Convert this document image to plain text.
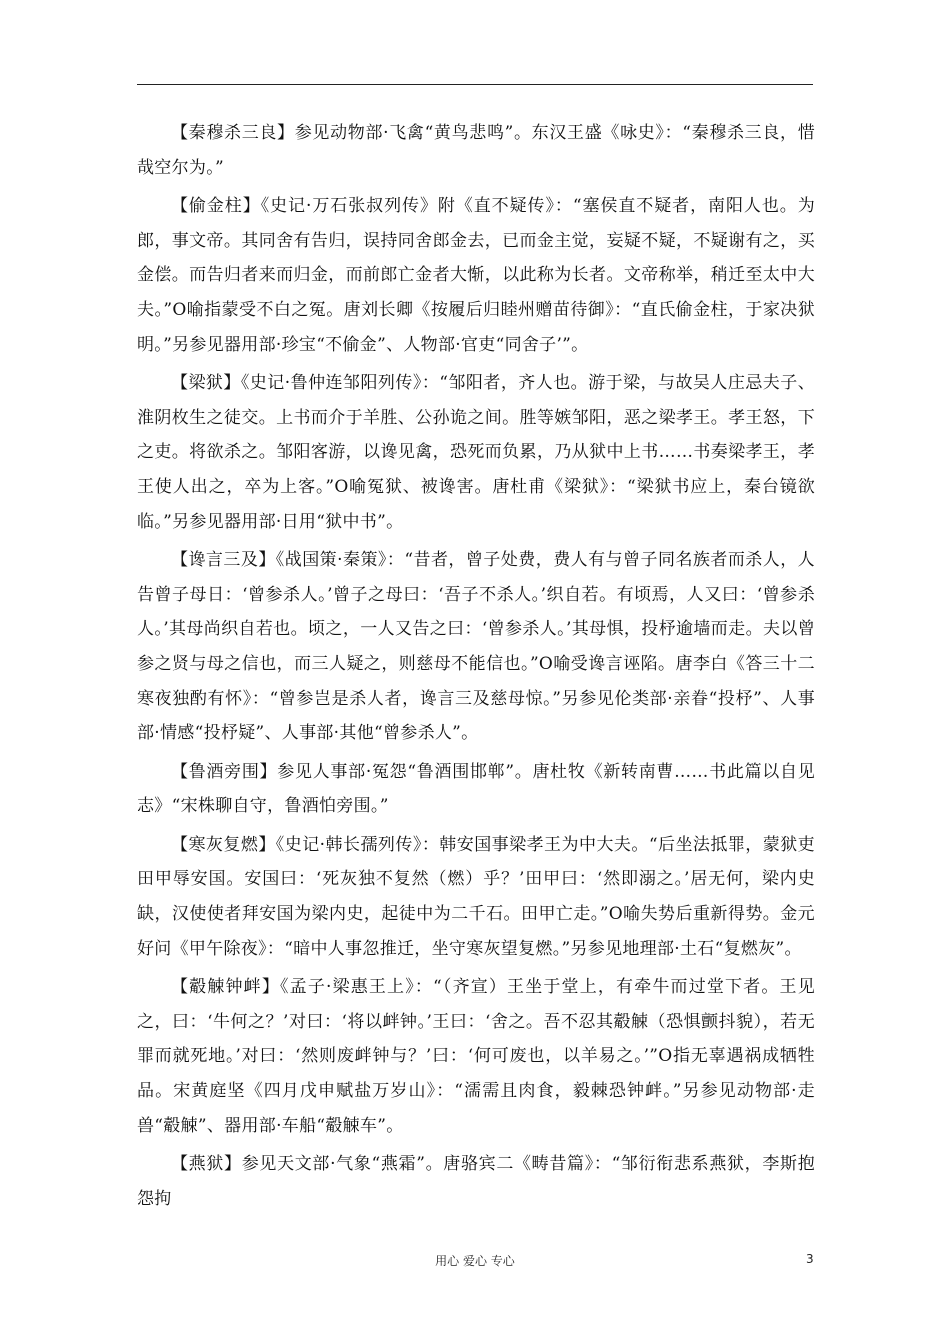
【秦穆杀三良】参见动物部·飞禽“黄鸟悲鸣”。东汉王盛《咏史》：“秦穆杀三良，惜哉空尔为。”

【偷金柱】《史记·万石张叔列传》附《直不疑传》：“塞侯直不疑者，南阳人也。为郎，事文帝。其同舍有告归，误持同舍郎金去，已而金主觉，妄疑不疑，不疑谢有之，买金偿。而告归者来而归金，而前郎亡金者大惭，以此称为长者。文帝称举，稍迁至太中大夫。”О喻指蒙受不白之冤。唐刘长卿《按履后归睦州赠苗待御》：“直氏偷金柱，于家决狱明。”另参见器用部·珍宝“不偷金”、人物部·官吏“同舍子’”。

【梁狱】《史记·鲁仲连邹阳列传》：“邹阳者，齐人也。游于梁，与故吴人庄忌夫子、淮阴枚生之徒交。上书而介于羊胜、公孙诡之间。胜等嫉邹阳，恶之梁孝王。孝王怒，下之吏。将欲杀之。邹阳客游，以谗见禽，恐死而负累，乃从狱中上书……书奏梁孝王，孝王使人出之，卒为上客。”О喻冤狱、被谗害。唐杜甫《梁狱》：“梁狱书应上，秦台镜欲临。”另参见器用部·日用“狱中书”。

【谗言三及】《战国策·秦策》：“昔者，曾子处费，费人有与曾子同名族者而杀人，人告曾子母日：‘曾参杀人。’曾子之母曰：‘吾子不杀人。’织自若。有顷焉，人又曰：‘曾参杀人。’其母尚织自若也。顷之，一人又告之曰：‘曾参杀人。’其母惧，投杼逾墙而走。夫以曾参之贤与母之信也，而三人疑之，则慈母不能信也。”О喻受谗言诬陷。唐李白《答三十二寒夜独酌有怀》：“曾参岂是杀人者，谗言三及慈母惊。”另参见伦类部·亲眷“投杼”、人事部·情感“投杼疑”、人事部·其他“曾参杀人”。

【鲁酒旁围】参见人事部·冤怨“鲁酒围邯郸”。唐杜牧《新转南曹……书此篇以自见志》“宋株聊自守，鲁酒怕旁围。”

【寒灰复燃】《史记·韩长孺列传》：韩安国事梁孝王为中大夫。“后坐法抵罪，蒙狱吏田甲辱安国。安国曰：‘死灰独不复然（燃）乎？’田甲曰：‘然即溺之。’居无何，梁内史缺，汉使使者拜安国为梁内史，起徒中为二千石。田甲亡走。”О喻失势后重新得势。金元好问《甲午除夜》：“暗中人事忽推迁，坐守寒灰望复燃。”另参见地理部·土石“复燃灰”。

【觳觫钟衅】《孟子·梁惠王上》：“（齐宣）王坐于堂上，有牵牛而过堂下者。王见之，曰：‘牛何之？’对曰：‘将以衅钟。’王曰：‘舍之。吾不忍其觳觫（恐惧颤抖貌），若无罪而就死地。’对曰：‘然则废衅钟与？’曰：‘何可废也，以羊易之。’”О指无辜遇祸成牺牲品。宋黄庭坚《四月戊申赋盐万岁山》：“濡需且肉食，毅棘恐钟衅。”另参见动物部·走兽“觳觫”、器用部·车船“觳觫车”。

【燕狱】参见天文部·气象“燕霜”。唐骆宾二《畴昔篇》：“邹衍衔悲系燕狱，李斯抱怨拘

用心 爱心 专心	3
